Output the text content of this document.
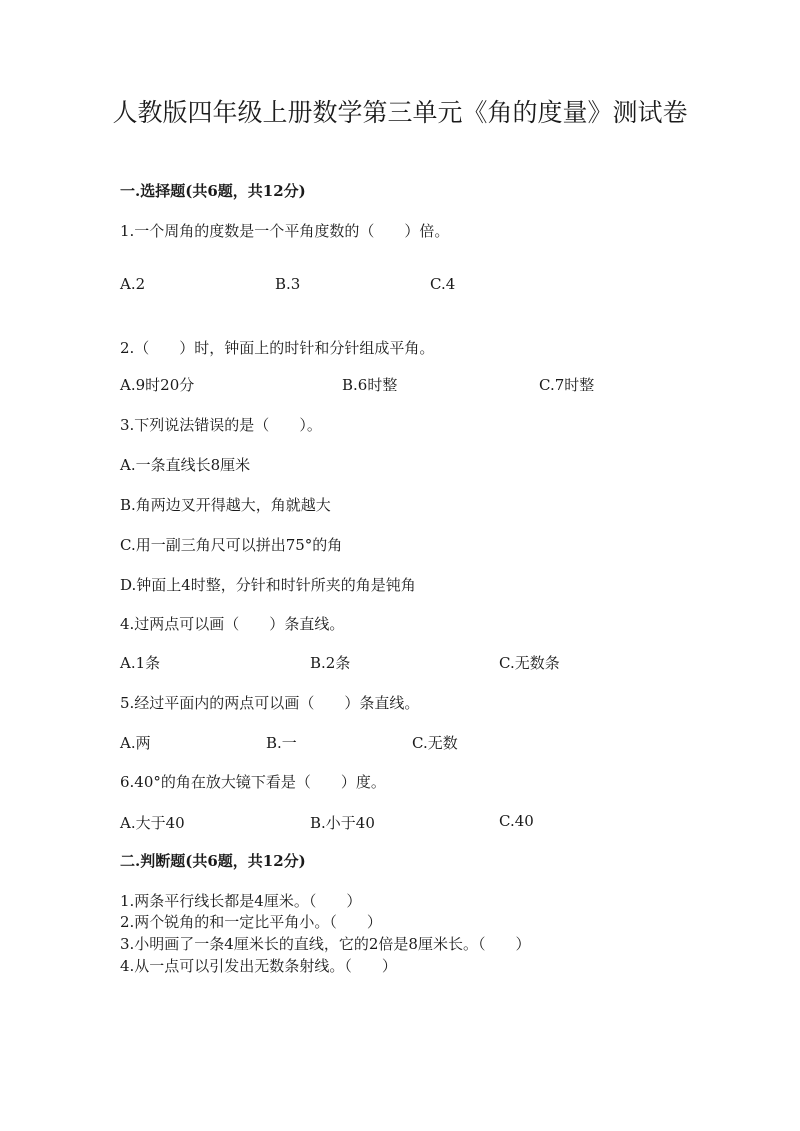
人教版四年级上册数学第三单元《角的度量》测试卷

一.选择题(共6题，共12分)

1.一个周角的度数是一个平角度数的（　　）倍。

A.2	B.3	C.4

2.（　　）时，钟面上的时针和分针组成平角。

A.9时20分	B.6时整	C.7时整

3.下列说法错误的是（　　）。

A.一条直线长8厘米

B.角两边叉开得越大，角就越大

C.用一副三角尺可以拼出75°的角

D.钟面上4时整，分针和时针所夹的角是钝角

4.过两点可以画（　　）条直线。

A.1条	B.2条	C.无数条

5.经过平面内的两点可以画（　　）条直线。

A.两	B.一	C.无数

6.40°的角在放大镜下看是（　　）度。

A.大于40	B.小于40	C.40

二.判断题(共6题，共12分)

1.两条平行线长都是4厘米。（　　）

2.两个锐角的和一定比平角小。（　　）

3.小明画了一条4厘米长的直线，它的2倍是8厘米长。（　　）

4.从一点可以引发出无数条射线。（　　）
